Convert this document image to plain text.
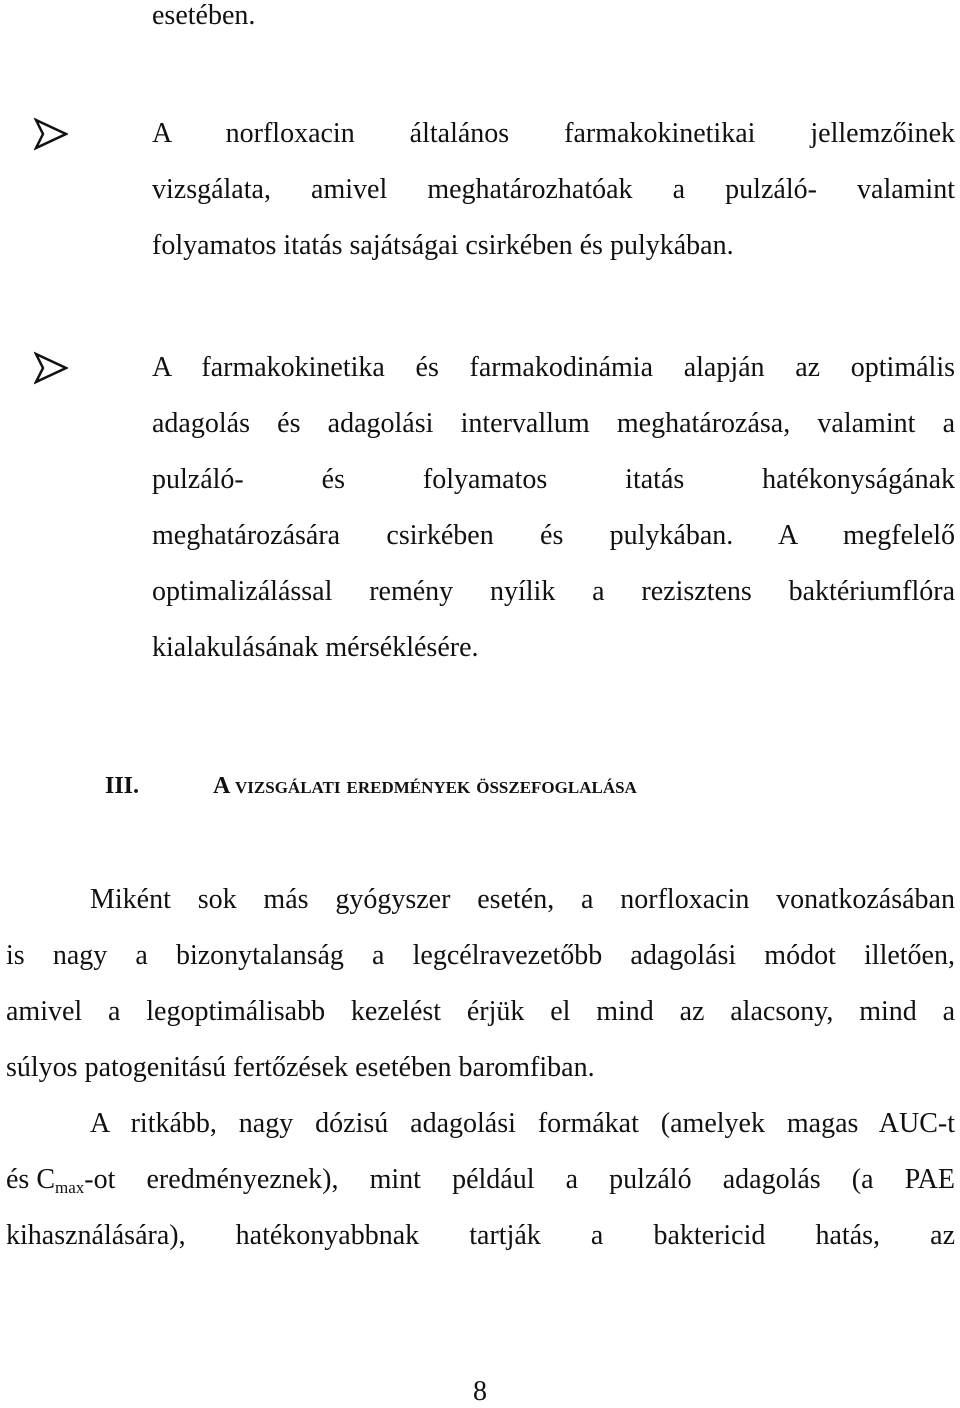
esetében.
A norfloxacin általános farmakokinetikai jellemzőinek
vizsgálata, amivel meghatározhatóak a pulzáló- valamint
folyamatos itatás sajátságai csirkében és pulykában.
A farmakokinetika és farmakodinámia alapján az optimális
adagolás és adagolási intervallum meghatározása, valamint a
pulzáló- és folyamatos itatás hatékonyságának
meghatározására csirkében és pulykában. A megfelelő
optimalizálással remény nyílik a rezisztens baktériumflóra
kialakulásának mérséklésére.
III.	A vizsgálati eredmények összefoglalása
Miként sok más gyógyszer esetén, a norfloxacin vonatkozásában
is nagy a bizonytalanság a legcélravezetőbb adagolási módot illetően,
amivel a legoptimálisabb kezelést érjük el mind az alacsony, mind a
súlyos patogenitású fertőzések esetében baromfiban.
A ritkább, nagy dózisú adagolási formákat (amelyek magas AUC-t
és $C_{max}$ -ot eredményeznek), mint például a pulzáló adagolás (a PAE
kihasználására), hatékonyabbnak tartják a baktericid hatás, az
8
